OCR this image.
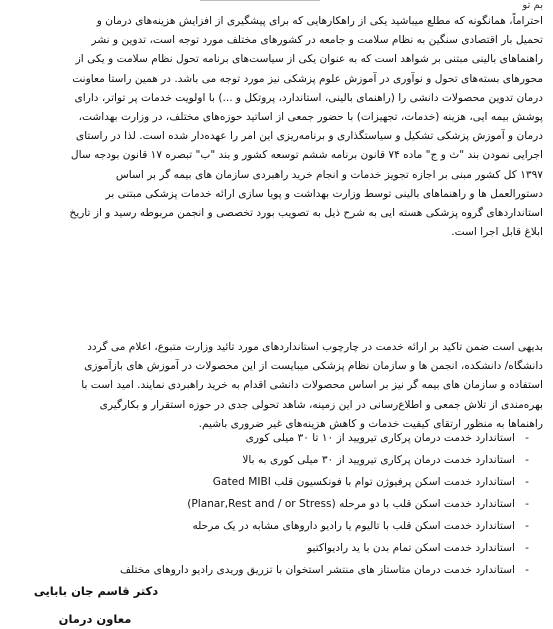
بم تو
احتراماً، همانگونه که مطلع میباشید یکی از راهکارهایی که برای پیشگیری از افزایش هزینه‌های درمان و
تحمیل بار اقتصادی سنگین به نظام سلامت و جامعه در کشورهای مختلف مورد توجه است، تدوین و نشر
راهنماهای بالینی مبتنی بر شواهد است که به عنوان یکی از سیاست‌های برنامه تحول نظام سلامت و یکی از
محورهای بسته‌های تحول و نوآوری در آموزش علوم پزشکی نیز مورد توجه می باشد. در همین راستا معاونت
درمان تدوین محصولات دانشی را (راهنمای بالینی، استاندارد، پروتکل و ...) با اولویت خدمات پر تواتر، دارای
پوشش بیمه ایی، هزینه (خدمات، تجهیزات) با حضور جمعی از اساتید حوزه‌های مختلف، در وزارت بهداشت،
درمان و آموزش پزشکی تشکیل و سیاستگذاری و برنامه‌ریزی این امر را عهده‌دار شده است. لذا در راستای
اجرایی نمودن بند "ث و ج" ماده ۷۴ قانون برنامه ششم توسعه کشور و بند "ب" تبصره ۱۷ قانون بودجه سال
۱۳۹۷ کل کشور مبنی بر اجازه تجویز خدمات و انجام خرید راهبردی سازمان های بیمه گر بر اساس
دستورالعمل ها و راهنماهای بالینی توسط وزارت بهداشت و پویا سازی ارائه خدمات پزشکی مبتنی بر
استانداردهای گروه پزشکی هسته ایی به شرح ذیل به تصویب بورد تخصصی و انجمن مربوطه رسید و از تاریخ
ابلاغ قابل اجرا است.
بدیهی است ضمن تاکید بر ارائه خدمت در چارچوب استانداردهای مورد تائید وزارت متبوع، اعلام می گردد
دانشگاه/ دانشکده، انجمن ها و سازمان نظام پزشکی میبایست از این محصولات در آموزش های بازآموزی
استفاده و سازمان های بیمه گر نیز بر اساس محصولات دانشی اقدام به خرید راهبردی نمایند. امید است با
بهره‌مندی از تلاش جمعی و اطلاع‌رسانی در این زمینه، شاهد تحولی جدی در حوزه استقرار و بکارگیری
راهنماها به منظور ارتقای کیفیت خدمات و کاهش هزینه‌های غیر ضروری باشیم.
-
استاندارد خدمت درمان پرکاری تیرویید از ۱۰ تا ۳۰ میلی کوری
-
استاندارد خدمت درمان پرکاری تیرویید از ۳۰ میلی کوری به بالا
-
استاندارد خدمت اسکن پرفیوژن توام با فونکسیون قلب Gated MIBI
-
استاندارد خدمت اسکن قلب با دو مرحله (Planar,Rest and / or Stress)
-
استاندارد خدمت اسکن قلب با تالیوم یا رادیو داروهای مشابه در یک مرحله
-
استاندارد خدمت اسکن تمام بدن با ید رادیواکتیو
-
استاندارد خدمت درمان متاستاز های منتشر استخوان با تزریق وریدی رادیو داروهای مختلف
دکتر قاسم جان بابایی
معاون درمان
